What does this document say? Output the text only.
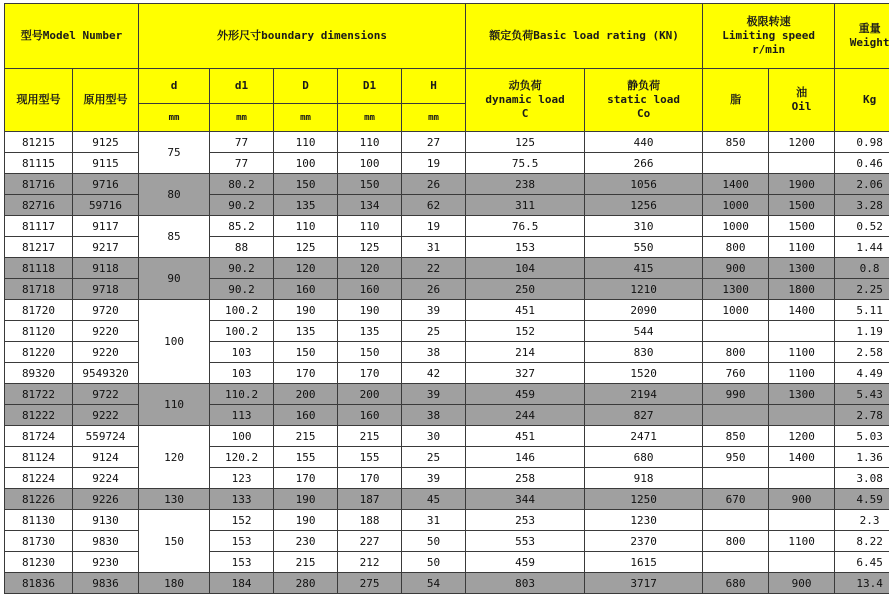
型号Model Number		外形尺寸boundary dimensions					额定负荷Basic load rating (KN)		极限转速
Limiting speed
r/min		重量
Weight
现用型号	原用型号	d	d1	D	D1	H	动负荷
dynamic load
C	静负荷
static load
Co	脂	油
Oil	Kg
		mm	mm	mm	mm	mm					
81215	9125	75	77	110	110	27	125	440	850	1200	0.98
81115	9115		77	100	100	19	75.5	266			0.46
81716	9716	80	80.2	150	150	26	238	1056	1400	1900	2.06
82716	59716		90.2	135	134	62	311	1256	1000	1500	3.28
81117	9117	85	85.2	110	110	19	76.5	310	1000	1500	0.52
81217	9217		88	125	125	31	153	550	800	1100	1.44
81118	9118	90	90.2	120	120	22	104	415	900	1300	0.8
81718	9718		90.2	160	160	26	250	1210	1300	1800	2.25
81720	9720	100	100.2	190	190	39	451	2090	1000	1400	5.11
81120	9220		100.2	135	135	25	152	544			1.19
81220	9220		103	150	150	38	214	830	800	1100	2.58
89320	9549320		103	170	170	42	327	1520	760	1100	4.49
81722	9722	110	110.2	200	200	39	459	2194	990	1300	5.43
81222	9222		113	160	160	38	244	827			2.78
81724	559724	120	100	215	215	30	451	2471	850	1200	5.03
81124	9124		120.2	155	155	25	146	680	950	1400	1.36
81224	9224		123	170	170	39	258	918			3.08
81226	9226	130	133	190	187	45	344	1250	670	900	4.59
81130	9130	150	152	190	188	31	253	1230			2.3
81730	9830		153	230	227	50	553	2370	800	1100	8.22
81230	9230		153	215	212	50	459	1615			6.45
81836	9836	180	184	280	275	54	803	3717	680	900	13.4
